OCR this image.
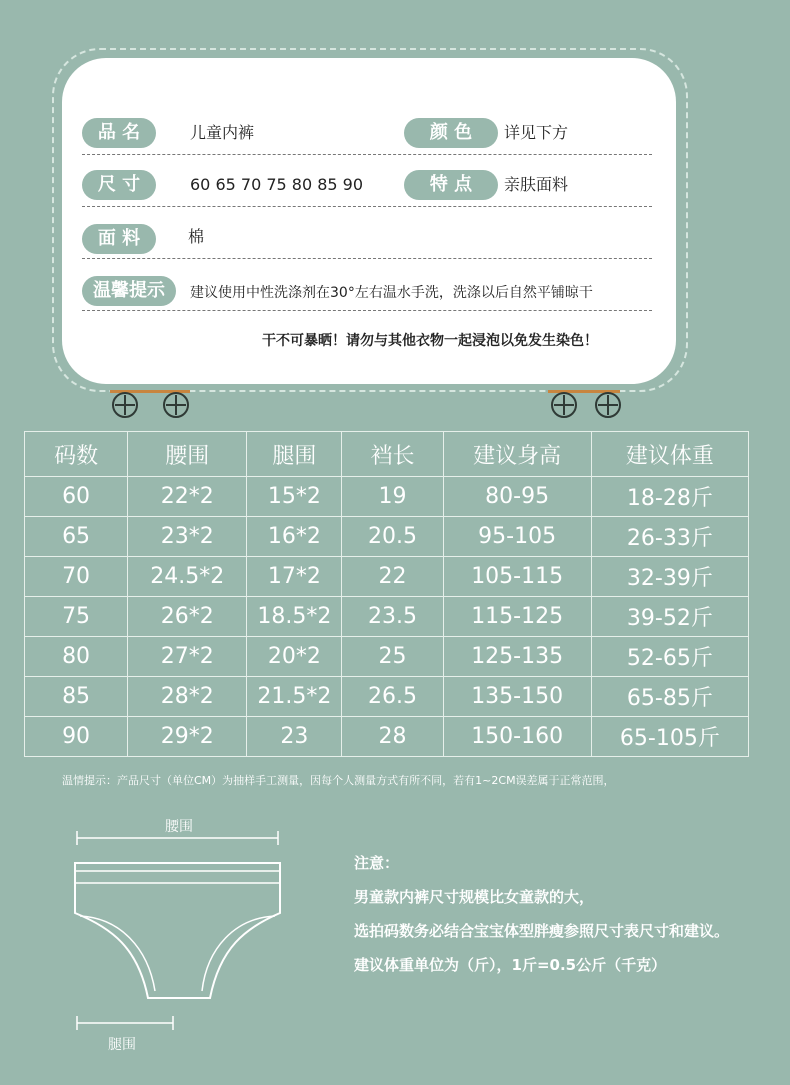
品 名	儿童内裤	颜 色	详见下方
尺 寸	60 65 70 75 80 85 90	特 点	亲肤面料
面 料	棉
温馨提示	建议使用中性洗涤剂在30°左右温水手洗，洗涤以后自然平铺晾干
干不可暴晒！请勿与其他衣物一起浸泡以免发生染色！
码数	腰围	腿围	裆长	建议身高	建议体重
60	22*2	15*2	19	80-95	18-28斤
65	23*2	16*2	20.5	95-105	26-33斤
70	24.5*2	17*2	22	105-115	32-39斤
75	26*2	18.5*2	23.5	115-125	39-52斤
80	27*2	20*2	25	125-135	52-65斤
85	28*2	21.5*2	26.5	135-150	65-85斤
90	29*2	23	28	150-160	65-105斤
温情提示：产品尺寸（单位CM）为抽样手工测量，因每个人测量方式有所不同，若有1~2CM误差属于正常范围，
腰围
腿围
注意：
男童款内裤尺寸规模比女童款的大，
选拍码数务必结合宝宝体型胖瘦参照尺寸表尺寸和建议。
建议体重单位为（斤），1斤=0.5公斤（千克）
